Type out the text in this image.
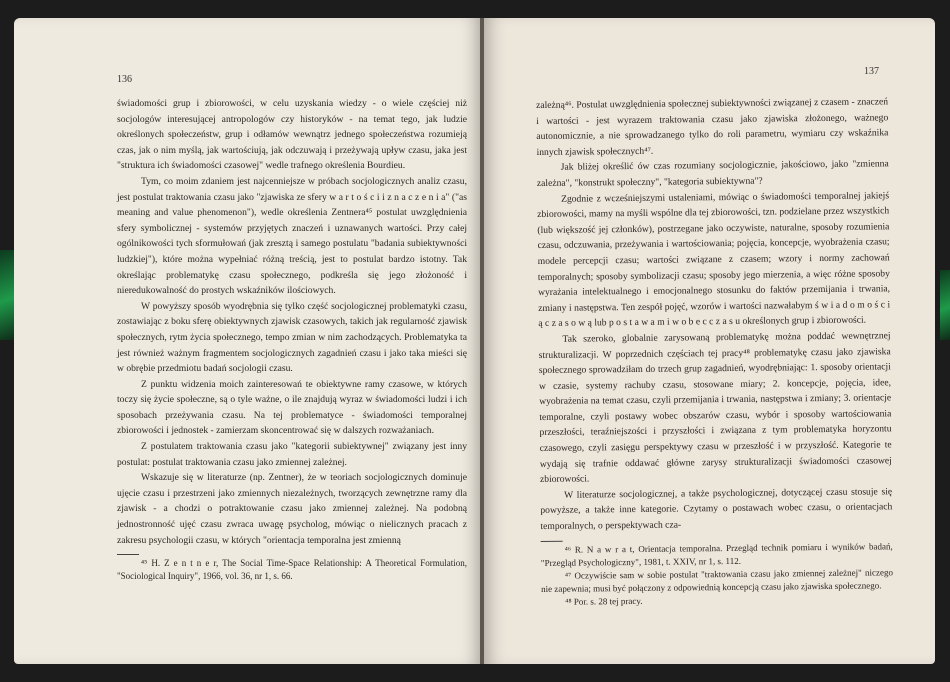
136

świadomości grup i zbiorowości, w celu uzyskania wiedzy - o wiele częściej niż socjologów interesującej antropologów czy historyków - na temat tego, jak ludzie określonych społeczeństw, grup i odłamów wewnątrz jednego społeczeństwa rozumieją czas, jak o nim myślą, jak wartościują, jak odczuwają i przeżywają upływ czasu, jaka jest "struktura ich świadomości czasowej" wedle trafnego określenia Bourdieu.

Tym, co moim zdaniem jest najcenniejsze w próbach socjologicznych analiz czasu, jest postulat traktowania czasu jako "zjawiska ze sfery w a r t o ś c i i z n a c z e n i a" ("as meaning and value phenomenon"), wedle określenia Zentnera⁴⁵ postulat uwzględnienia sfery symbolicznej - systemów przyjętych znaczeń i uznawanych wartości. Przy całej ogólnikowości tych sformułowań (jak zresztą i samego postulatu "badania subiektywności ludzkiej"), które można wypełniać różną treścią, jest to postulat bardzo istotny. Tak określając problematykę czasu społecznego, podkreśla się jego złożoność i nieredukowalność do prostych wskaźników ilościowych.

W powyższy sposób wyodrębnia się tylko część socjologicznej problematyki czasu, zostawiając z boku sferę obiektywnych zjawisk czasowych, takich jak regularność zjawisk społecznych, rytm życia społecznego, tempo zmian w nim zachodzących. Problematyka ta jest również ważnym fragmentem socjologicznych zagadnień czasu i jako taka mieści się w obrębie przedmiotu badań socjologii czasu.

Z punktu widzenia moich zainteresowań te obiektywne ramy czasowe, w których toczy się życie społeczne, są o tyle ważne, o ile znajdują wyraz w świadomości ludzi i ich sposobach przeżywania czasu. Na tej problematyce - świadomości temporalnej zbiorowości i jednostek - zamierzam skoncentrować się w dalszych rozważaniach.

Z postulatem traktowania czasu jako "kategorii subiektywnej" związany jest inny postulat: postulat traktowania czasu jako zmiennej zależnej.

Wskazuje się w literaturze (np. Zentner), że w teoriach socjologicznych dominuje ujęcie czasu i przestrzeni jako zmiennych niezależnych, tworzących zewnętrzne ramy dla zjawisk - a chodzi o potraktowanie czasu jako zmiennej zależnej. Na podobną jednostronność ujęć czasu zwraca uwagę psycholog, mówiąc o nielicznych pracach z zakresu psychologii czasu, w których "orientacja temporalna jest zmienną

⁴⁵ H. Z e n t n e r, The Social Time-Space Relationship: A Theoretical Formulation, "Sociological Inquiry", 1966, vol. 36, nr 1, s. 66.

137

zależną⁴⁶. Postulat uwzględnienia społecznej subiektywności związanej z czasem - znaczeń i wartości - jest wyrazem traktowania czasu jako zjawiska złożonego, ważnego autonomicznie, a nie sprowadzanego tylko do roli parametru, wymiaru czy wskaźnika innych zjawisk społecznych⁴⁷.

Jak bliżej określić ów czas rozumiany socjologicznie, jakościowo, jako "zmienna zależna", "konstrukt społeczny", "kategoria subiektywna"?

Zgodnie z wcześniejszymi ustaleniami, mówiąc o świadomości temporalnej jakiejś zbiorowości, mamy na myśli wspólne dla tej zbiorowości, tzn. podzielane przez wszystkich (lub większość jej członków), postrzegane jako oczywiste, naturalne, sposoby rozumienia czasu, odczuwania, przeżywania i wartościowania; pojęcia, koncepcje, wyobrażenia czasu; modele percepcji czasu; wartości związane z czasem; wzory i normy zachowań temporalnych; sposoby symbolizacji czasu; sposoby jego mierzenia, a więc różne sposoby wyrażania intelektualnego i emocjonalnego stosunku do faktów przemijania i trwania, zmiany i następstwa. Ten zespół pojęć, wzorów i wartości nazwałabym ś w i a d o m o ś c i ą c z a s o w ą lub p o s t a w a m i w o b e c c z a s u określonych grup i zbiorowości.

Tak szeroko, globalnie zarysowaną problematykę można poddać wewnętrznej strukturalizacji. W poprzednich częściach tej pracy⁴⁸ problematykę czasu jako zjawiska społecznego sprowadziłam do trzech grup zagadnień, wyodrębniając: 1. sposoby orientacji w czasie, systemy rachuby czasu, stosowane miary; 2. koncepcje, pojęcia, idee, wyobrażenia na temat czasu, czyli przemijania i trwania, następstwa i zmiany; 3. orientacje temporalne, czyli postawy wobec obszarów czasu, wybór i sposoby wartościowania przeszłości, teraźniejszości i przyszłości i związana z tym problematyka horyzontu czasowego, czyli zasięgu perspektywy czasu w przeszłość i w przyszłość. Kategorie te wydają się trafnie oddawać główne zarysy strukturalizacji świadomości czasowej zbiorowości.

W literaturze socjologicznej, a także psychologicznej, dotyczącej czasu stosuje się powyższe, a także inne kategorie. Czytamy o postawach wobec czasu, o orientacjach temporalnych, o perspektywach cza-

⁴⁶ R. N a w r a t, Orientacja temporalna. Przegląd technik pomiaru i wyników badań, "Przegląd Psychologiczny", 1981, t. XXIV, nr 1, s. 112.

⁴⁷ Oczywiście sam w sobie postulat "traktowania czasu jako zmiennej zależnej" niczego nie zapewnia; musi być połączony z odpowiednią koncepcją czasu jako zjawiska społecznego.

⁴⁸ Por. s. 28 tej pracy.
